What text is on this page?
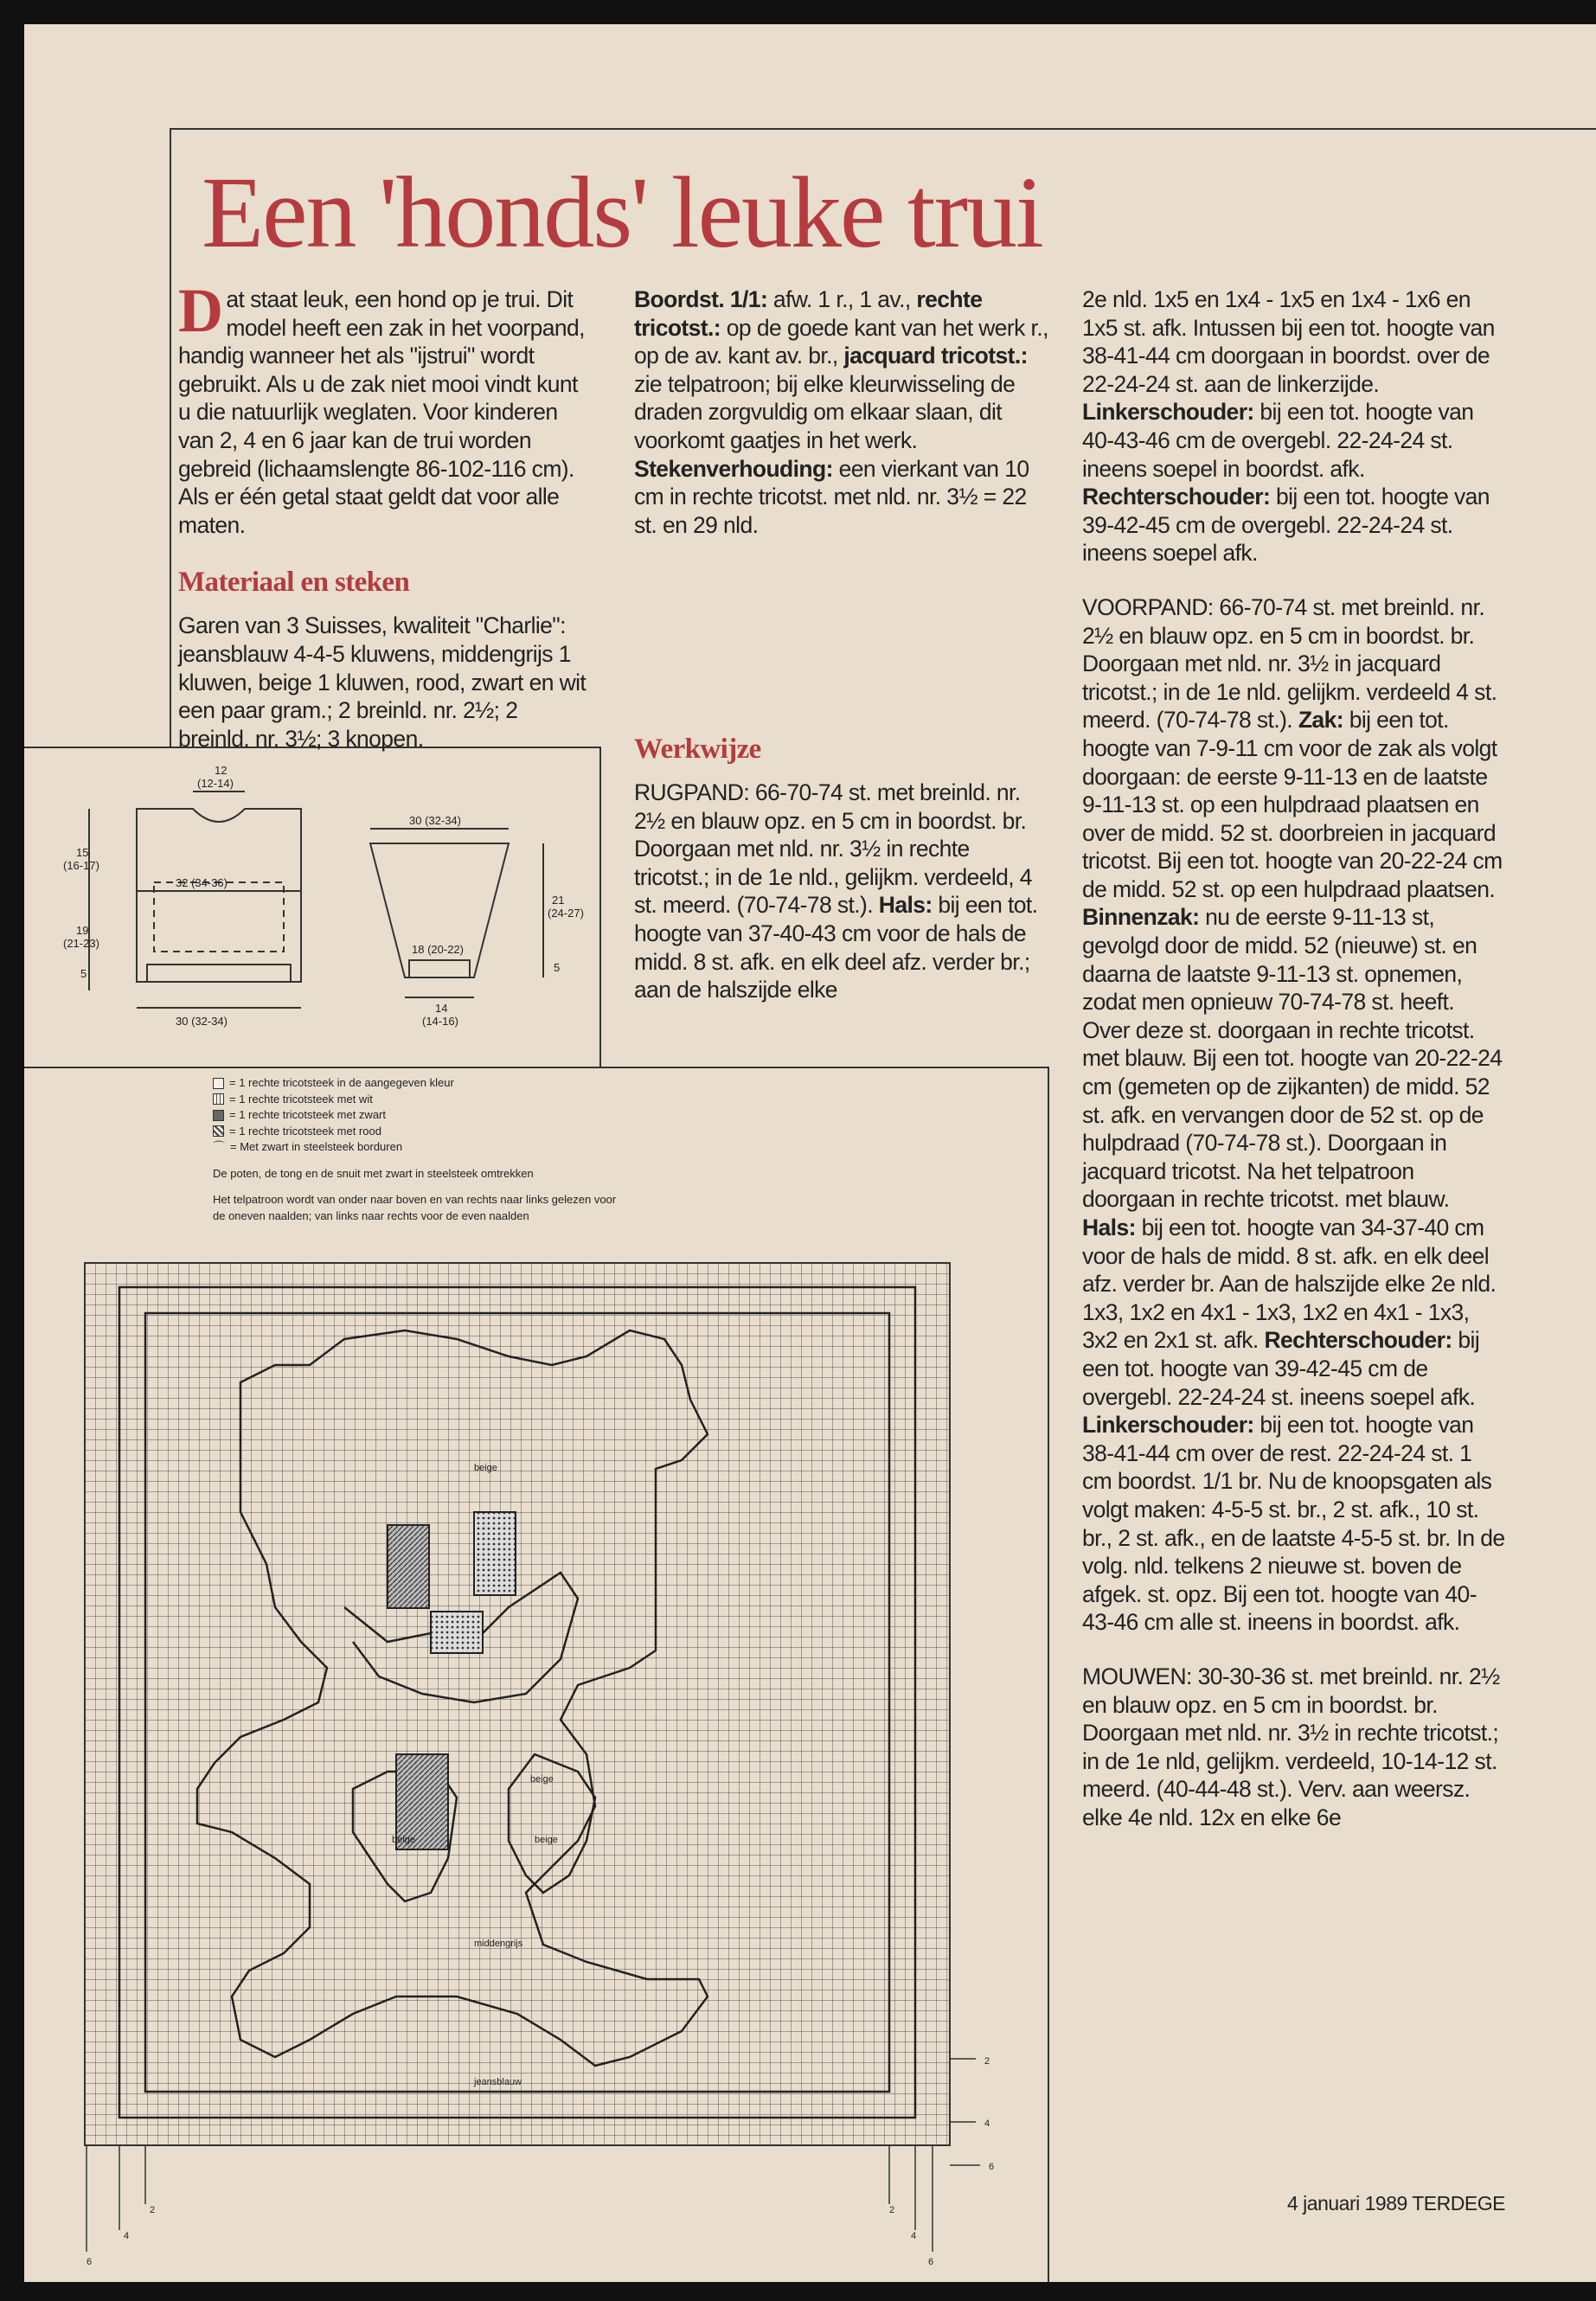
Een 'honds' leuke trui

Dat staat leuk, een hond op je trui. Dit model heeft een zak in het voorpand, handig wanneer het als "ijstrui" wordt gebruikt. Als u de zak niet mooi vindt kunt u die natuurlijk weglaten. Voor kinderen van 2, 4 en 6 jaar kan de trui worden gebreid (lichaamslengte 86-102-116 cm). Als er één getal staat geldt dat voor alle maten.

Materiaal en steken

Garen van 3 Suisses, kwaliteit "Charlie": jeansblauw 4-4-5 kluwens, middengrijs 1 kluwen, beige 1 kluwen, rood, zwart en wit een paar gram.; 2 breinld. nr. 2½; 2 breinld. nr. 3½; 3 knopen.

Boordst. 1/1: afw. 1 r., 1 av., rechte tricotst.: op de goede kant van het werk r., op de av. kant av. br., jacquard tricotst.: zie telpatroon; bij elke kleurwisseling de draden zorgvuldig om elkaar slaan, dit voorkomt gaatjes in het werk.
Stekenverhouding: een vierkant van 10 cm in rechte tricotst. met nld. nr. 3½ = 22 st. en 29 nld.

Werkwijze

RUGPAND: 66-70-74 st. met breinld. nr. 2½ en blauw opz. en 5 cm in boordst. br. Doorgaan met nld. nr. 3½ in rechte tricotst.; in de 1e nld., gelijkm. verdeeld, 4 st. meerd. (70-74-78 st.). Hals: bij een tot. hoogte van 37-40-43 cm voor de hals de midd. 8 st. afk. en elk deel afz. verder br.; aan de halszijde elke

2e nld. 1x5 en 1x4 - 1x5 en 1x4 - 1x6 en 1x5 st. afk. Intussen bij een tot. hoogte van 38-41-44 cm doorgaan in boordst. over de 22-24-24 st. aan de linkerzijde. Linkerschouder: bij een tot. hoogte van 40-43-46 cm de overgebl. 22-24-24 st. ineens soepel in boordst. afk. Rechterschouder: bij een tot. hoogte van 39-42-45 cm de overgebl. 22-24-24 st. ineens soepel afk.

VOORPAND: 66-70-74 st. met breinld. nr. 2½ en blauw opz. en 5 cm in boordst. br. Doorgaan met nld. nr. 3½ in jacquard tricotst.; in de 1e nld. gelijkm. verdeeld 4 st. meerd. (70-74-78 st.). Zak: bij een tot. hoogte van 7-9-11 cm voor de zak als volgt doorgaan: de eerste 9-11-13 en de laatste 9-11-13 st. op een hulpdraad plaatsen en over de midd. 52 st. doorbreien in jacquard tricotst. Bij een tot. hoogte van 20-22-24 cm de midd. 52 st. op een hulpdraad plaatsen. Binnenzak: nu de eerste 9-11-13 st, gevolgd door de midd. 52 (nieuwe) st. en daarna de laatste 9-11-13 st. opnemen, zodat men opnieuw 70-74-78 st. heeft. Over deze st. doorgaan in rechte tricotst. met blauw. Bij een tot. hoogte van 20-22-24 cm (gemeten op de zijkanten) de midd. 52 st. afk. en vervangen door de 52 st. op de hulpdraad (70-74-78 st.). Doorgaan in jacquard tricotst. Na het telpatroon doorgaan in rechte tricotst. met blauw. Hals: bij een tot. hoogte van 34-37-40 cm voor de hals de midd. 8 st. afk. en elk deel afz. verder br. Aan de halszijde elke 2e nld. 1x3, 1x2 en 4x1 - 1x3, 1x2 en 4x1 - 1x3, 3x2 en 2x1 st. afk. Rechterschouder: bij een tot. hoogte van 39-42-45 cm de overgebl. 22-24-24 st. ineens soepel afk. Linkerschouder: bij een tot. hoogte van 38-41-44 cm over de rest. 22-24-24 st. 1 cm boordst. 1/1 br. Nu de knoopsgaten als volgt maken: 4-5-5 st. br., 2 st. afk., 10 st. br., 2 st. afk., en de laatste 4-5-5 st. br. In de volg. nld. telkens 2 nieuwe st. boven de afgek. st. opz. Bij een tot. hoogte van 40-43-46 cm alle st. ineens in boordst. afk.

MOUWEN: 30-30-36 st. met breinld. nr. 2½ en blauw opz. en 5 cm in boordst. br. Doorgaan met nld. nr. 3½ in rechte tricotst.; in de 1e nld, gelijkm. verdeeld, 10-14-12 st. meerd. (40-44-48 st.). Verv. aan weersz. elke 4e nld. 12x en elke 6e

12
(12-14)
15
(16-17)
32 (34-36)
19
(21-23)
5
30 (32-34)
30 (32-34)
21
(24-27)
5
18 (20-22)
14
(14-16)
= 1 rechte tricotsteek in de aangegeven kleur
= 1 rechte tricotsteek met wit
= 1 rechte tricotsteek met zwart
= 1 rechte tricotsteek met rood
⌒ = Met zwart in steelsteek borduren
De poten, de tong en de snuit met zwart in steelsteek omtrekken
Het telpatroon wordt van onder naar boven en van rechts naar links gelezen voor
de oneven naalden; van links naar rechts voor de even naalden
beige
beige
beige	beige
middengrijs
jeansblauw
2
4
6
2
4
6
2
4
6
4 januari 1989 TERDEGE
